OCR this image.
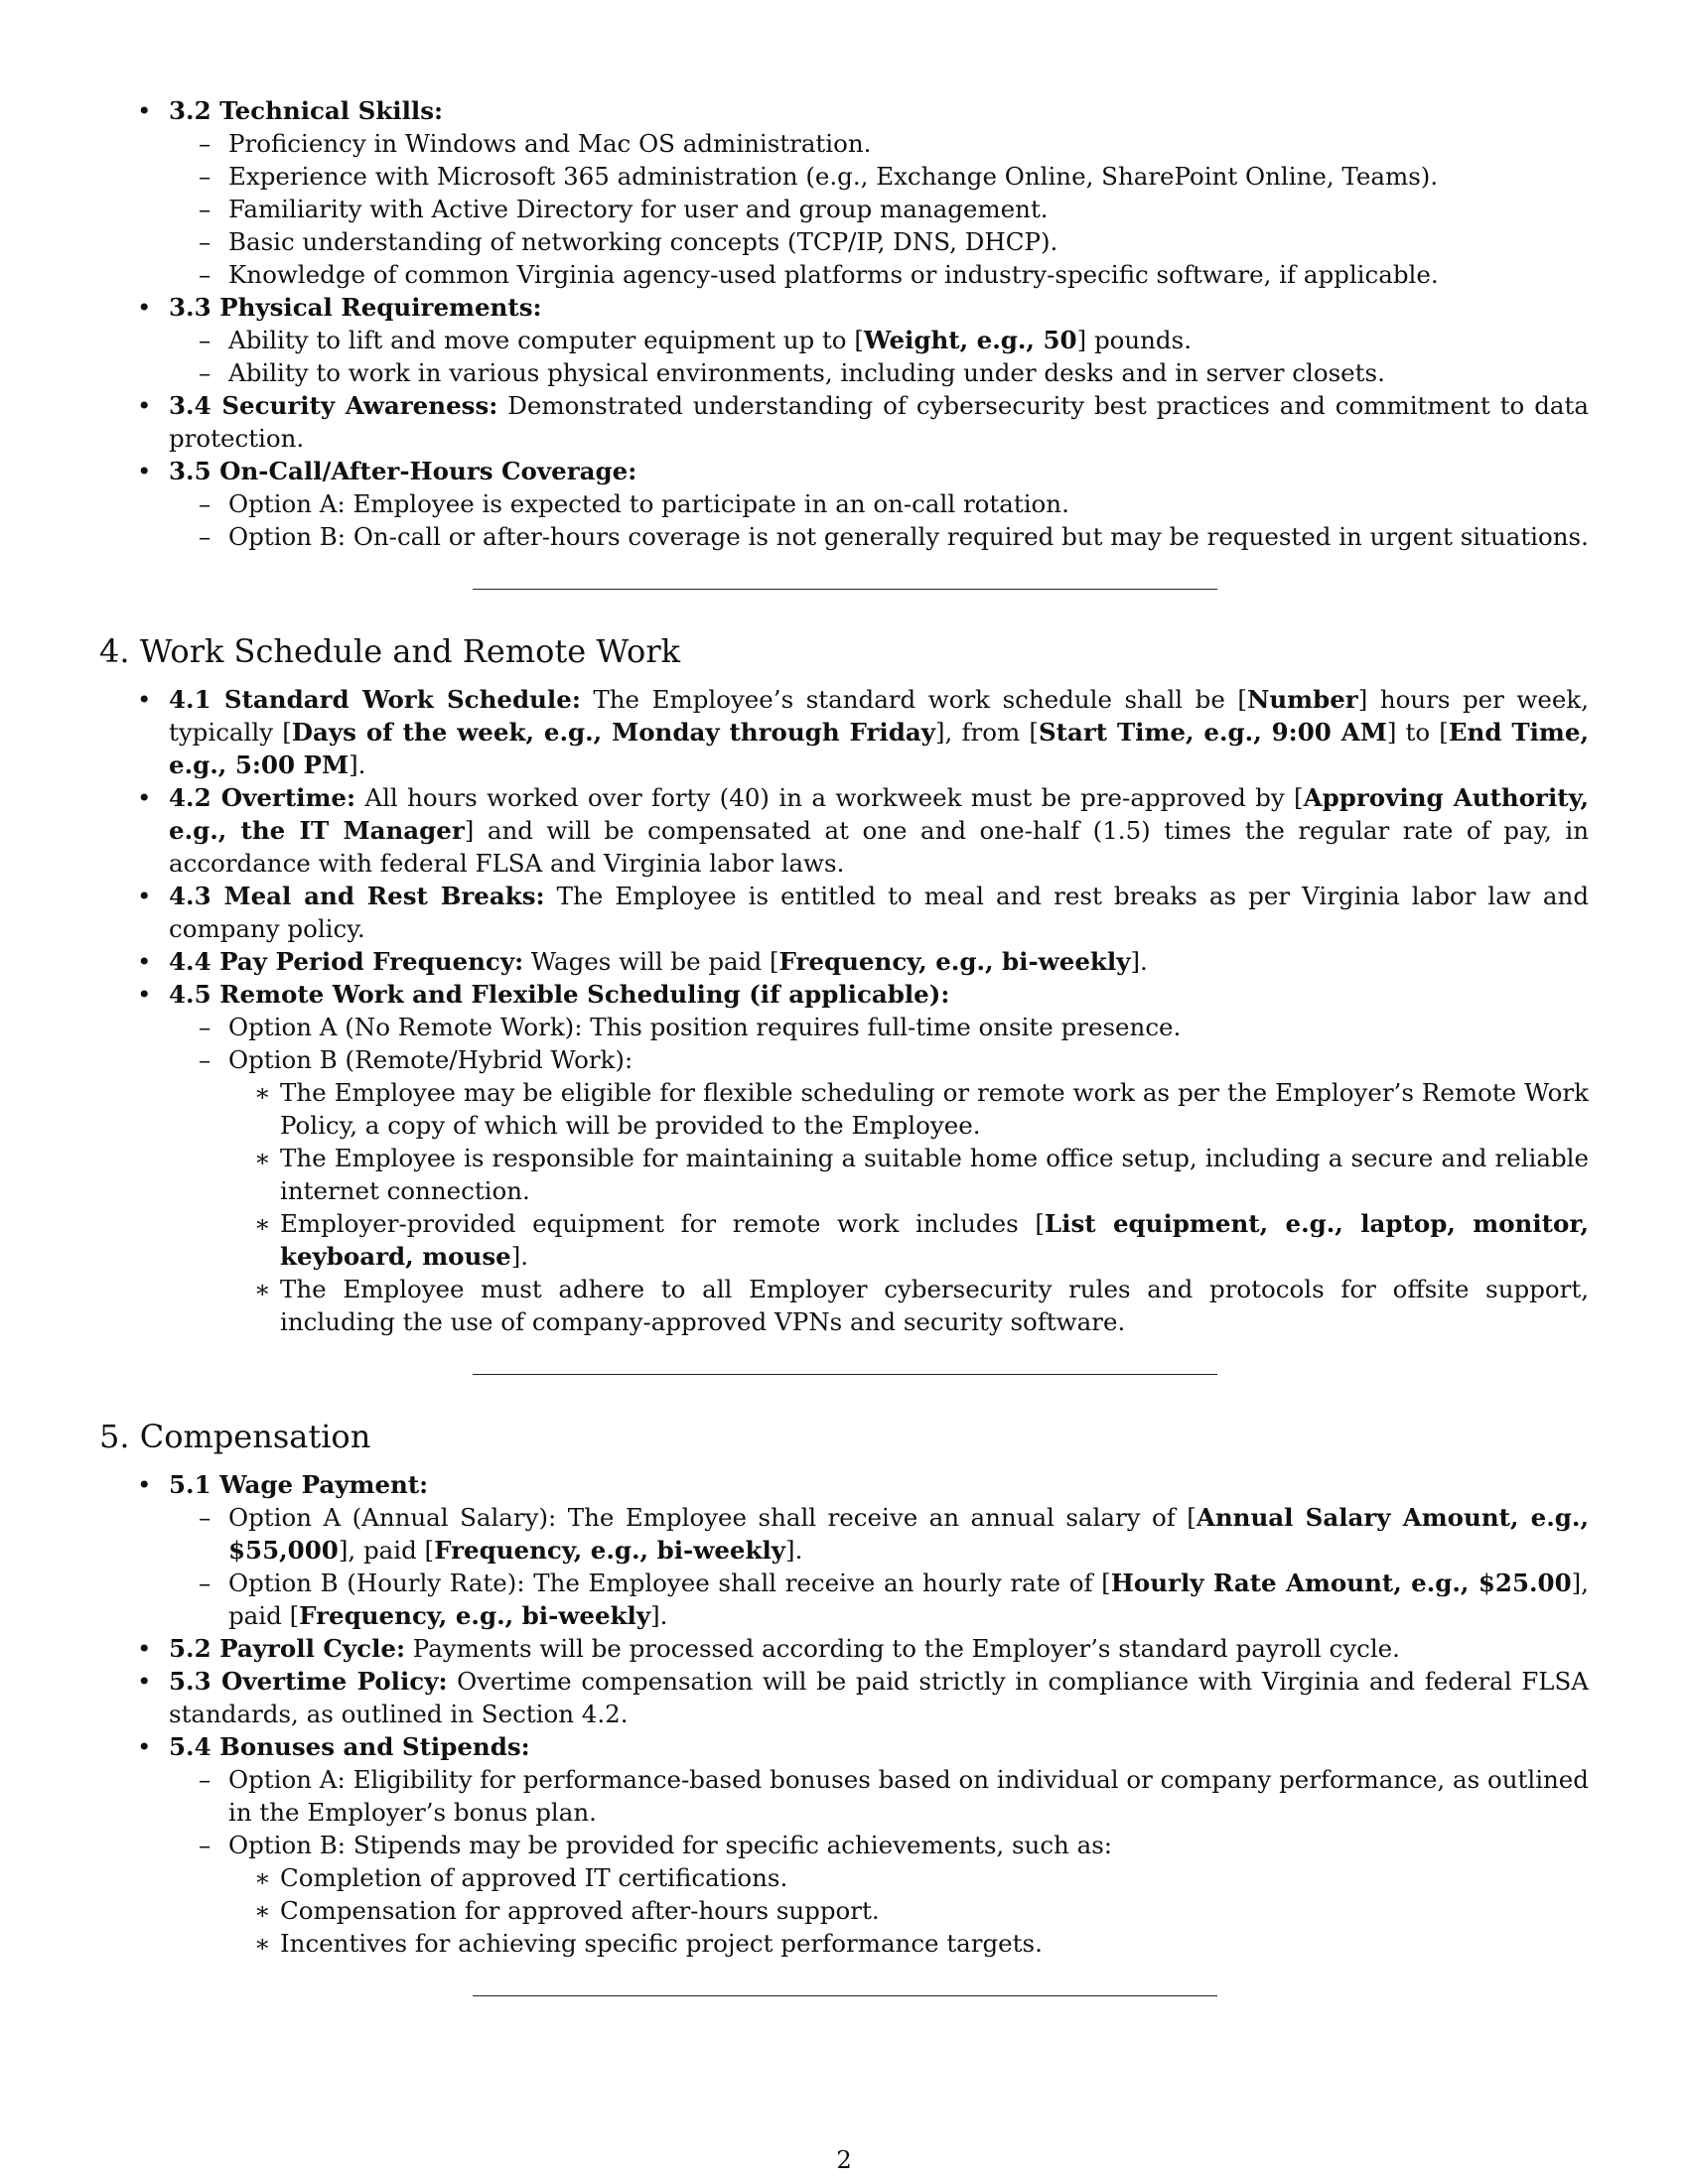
• 3.2 Technical Skills:
– Proficiency in Windows and Mac OS administration.
– Experience with Microsoft 365 administration (e.g., Exchange Online, SharePoint Online, Teams).
– Familiarity with Active Directory for user and group management.
– Basic understanding of networking concepts (TCP/IP, DNS, DHCP).
– Knowledge of common Virginia agency-used platforms or industry-specific software, if applicable.
• 3.3 Physical Requirements:
– Ability to lift and move computer equipment up to [Weight, e.g., 50] pounds.
– Ability to work in various physical environments, including under desks and in server closets.
• 3.4 Security Awareness: Demonstrated understanding of cybersecurity best practices and commitment to data protection.
• 3.5 On-Call/After-Hours Coverage:
– Option A: Employee is expected to participate in an on-call rotation.
– Option B: On-call or after-hours coverage is not generally required but may be requested in urgent situations.
4. Work Schedule and Remote Work
• 4.1 Standard Work Schedule: The Employee’s standard work schedule shall be [Number] hours per week, typically [Days of the week, e.g., Monday through Friday], from [Start Time, e.g., 9:00 AM] to [End Time, e.g., 5:00 PM].
• 4.2 Overtime: All hours worked over forty (40) in a workweek must be pre-approved by [Approving Authority, e.g., the IT Manager] and will be compensated at one and one-half (1.5) times the regular rate of pay, in accordance with federal FLSA and Virginia labor laws.
• 4.3 Meal and Rest Breaks: The Employee is entitled to meal and rest breaks as per Virginia labor law and company policy.
• 4.4 Pay Period Frequency: Wages will be paid [Frequency, e.g., bi-weekly].
• 4.5 Remote Work and Flexible Scheduling (if applicable):
– Option A (No Remote Work): This position requires full-time onsite presence.
– Option B (Remote/Hybrid Work):
∗ The Employee may be eligible for flexible scheduling or remote work as per the Employer’s Remote Work Policy, a copy of which will be provided to the Employee.
∗ The Employee is responsible for maintaining a suitable home office setup, including a secure and reliable internet connection.
∗ Employer-provided equipment for remote work includes [List equipment, e.g., laptop, monitor, keyboard, mouse].
∗ The Employee must adhere to all Employer cybersecurity rules and protocols for offsite support, including the use of company-approved VPNs and security software.
5. Compensation
• 5.1 Wage Payment:
– Option A (Annual Salary): The Employee shall receive an annual salary of [Annual Salary Amount, e.g., $55,000], paid [Frequency, e.g., bi-weekly].
– Option B (Hourly Rate): The Employee shall receive an hourly rate of [Hourly Rate Amount, e.g., $25.00], paid [Frequency, e.g., bi-weekly].
• 5.2 Payroll Cycle: Payments will be processed according to the Employer’s standard payroll cycle.
• 5.3 Overtime Policy: Overtime compensation will be paid strictly in compliance with Virginia and federal FLSA standards, as outlined in Section 4.2.
• 5.4 Bonuses and Stipends:
– Option A: Eligibility for performance-based bonuses based on individual or company performance, as outlined in the Employer’s bonus plan.
– Option B: Stipends may be provided for specific achievements, such as:
∗ Completion of approved IT certifications.
∗ Compensation for approved after-hours support.
∗ Incentives for achieving specific project performance targets.
2
